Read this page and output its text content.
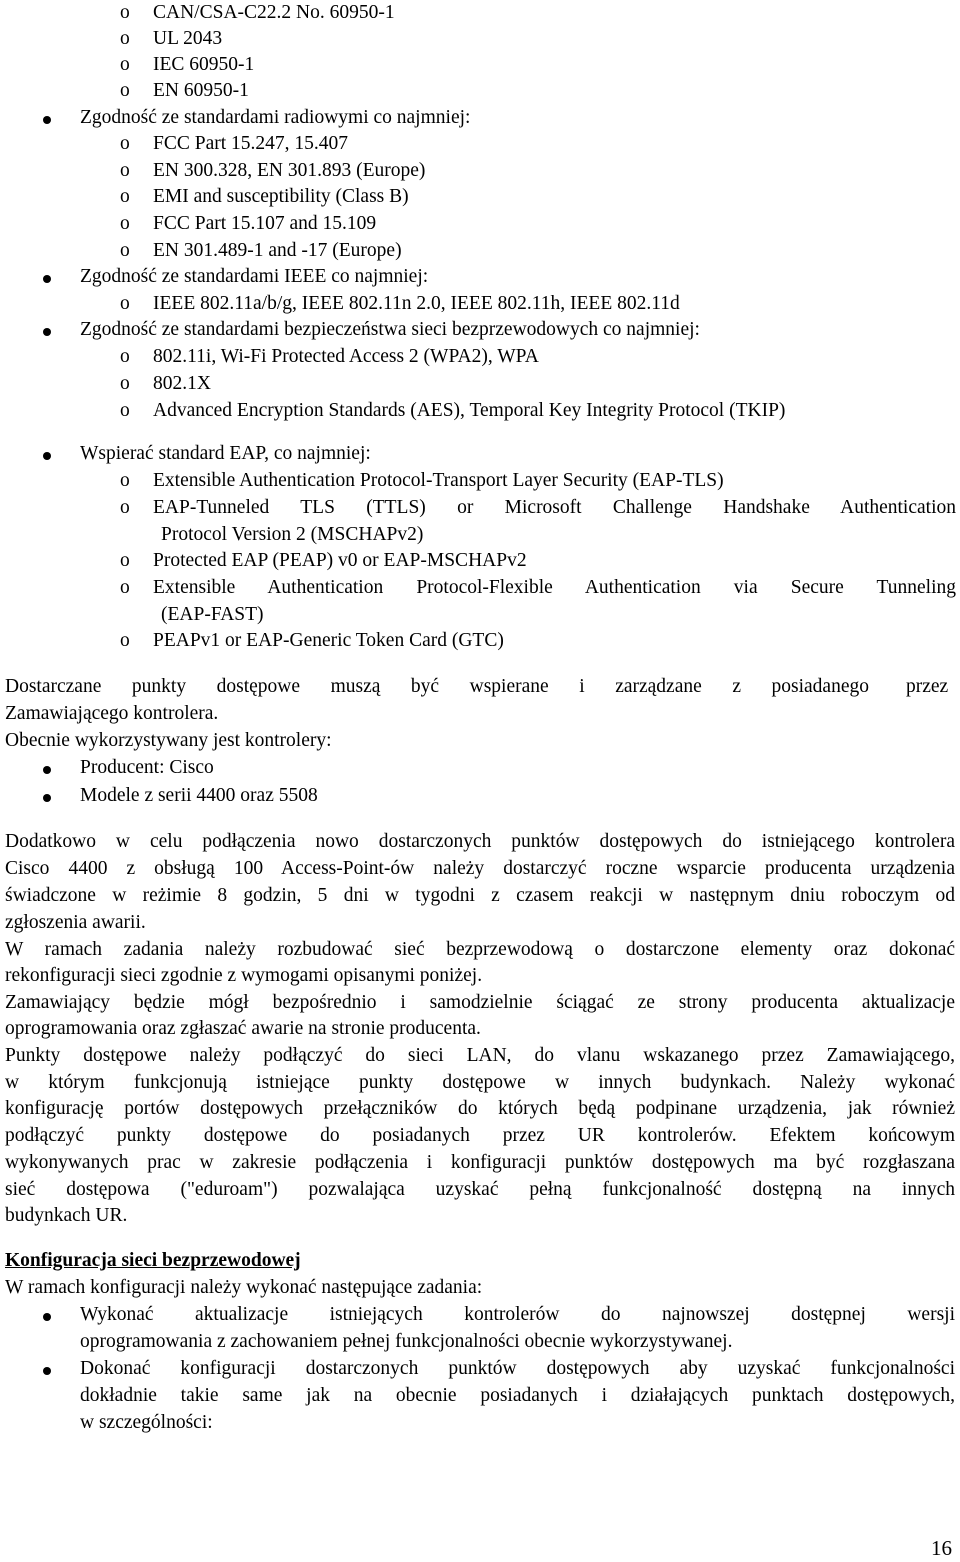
o CAN/CSA-C22.2 No. 60950-1
o UL 2043
o IEC 60950-1
o EN 60950-1
Zgodność ze standardami radiowymi co najmniej:
o FCC Part 15.247, 15.407
o EN 300.328, EN 301.893 (Europe)
o EMI and susceptibility (Class B)
o FCC Part 15.107 and 15.109
o EN 301.489-1 and -17 (Europe)
Zgodność ze standardami IEEE co najmniej:
o IEEE 802.11a/b/g, IEEE 802.11n 2.0, IEEE 802.11h, IEEE 802.11d
Zgodność ze standardami bezpieczeństwa sieci bezprzewodowych co najmniej:
o 802.11i, Wi-Fi Protected Access 2 (WPA2), WPA
o 802.1X
o Advanced Encryption Standards (AES), Temporal Key Integrity Protocol (TKIP)
Wspierać standard EAP, co najmniej:
o Extensible Authentication Protocol-Transport Layer Security (EAP-TLS)
o EAP-Tunneled TLS (TTLS) or Microsoft Challenge Handshake Authentication
Protocol Version 2 (MSCHAPv2)
o Protected EAP (PEAP) v0 or EAP-MSCHAPv2
o Extensible Authentication Protocol-Flexible Authentication via Secure Tunneling
(EAP-FAST)
o PEAPv1 or EAP-Generic Token Card (GTC)
Dostarczane punkty dostępowe muszą być wspierane i zarządzane z posiadanego przez
Zamawiającego kontrolera.
Obecnie wykorzystywany jest kontrolery:
Producent: Cisco
Modele z serii 4400 oraz 5508
Dodatkowo w celu podłączenia nowo dostarczonych punktów dostępowych do istniejącego kontrolera
Cisco 4400 z obsługą 100 Access-Point-ów należy dostarczyć roczne wsparcie producenta urządzenia
świadczone w reżimie 8 godzin, 5 dni w tygodni z czasem reakcji w następnym dniu roboczym od
zgłoszenia awarii.
W ramach zadania należy rozbudować sieć bezprzewodową o dostarczone elementy oraz dokonać
rekonfiguracji sieci zgodnie z wymogami opisanymi poniżej.
Zamawiający będzie mógł bezpośrednio i samodzielnie ściągać ze strony producenta aktualizacje
oprogramowania oraz zgłaszać awarie na stronie producenta.
Punkty dostępowe należy podłączyć do sieci LAN, do vlanu wskazanego przez Zamawiającego,
w którym funkcjonują istniejące punkty dostępowe w innych budynkach. Należy wykonać
konfigurację portów dostępowych przełączników do których będą podpinane urządzenia, jak również
podłączyć punkty dostępowe do posiadanych przez UR kontrolerów. Efektem końcowym
wykonywanych prac w zakresie podłączenia i konfiguracji punktów dostępowych ma być rozgłaszana
sieć dostępowa ("eduroam") pozwalająca uzyskać pełną funkcjonalność dostępną na innych
budynkach UR.
Konfiguracja sieci bezprzewodowej
W ramach konfiguracji należy wykonać następujące zadania:
Wykonać aktualizacje istniejących kontrolerów do najnowszej dostępnej wersji
oprogramowania z zachowaniem pełnej funkcjonalności obecnie wykorzystywanej.
Dokonać konfiguracji dostarczonych punktów dostępowych aby uzyskać funkcjonalności
dokładnie takie same jak na obecnie posiadanych i działających punktach dostępowych,
w szczególności:
16
